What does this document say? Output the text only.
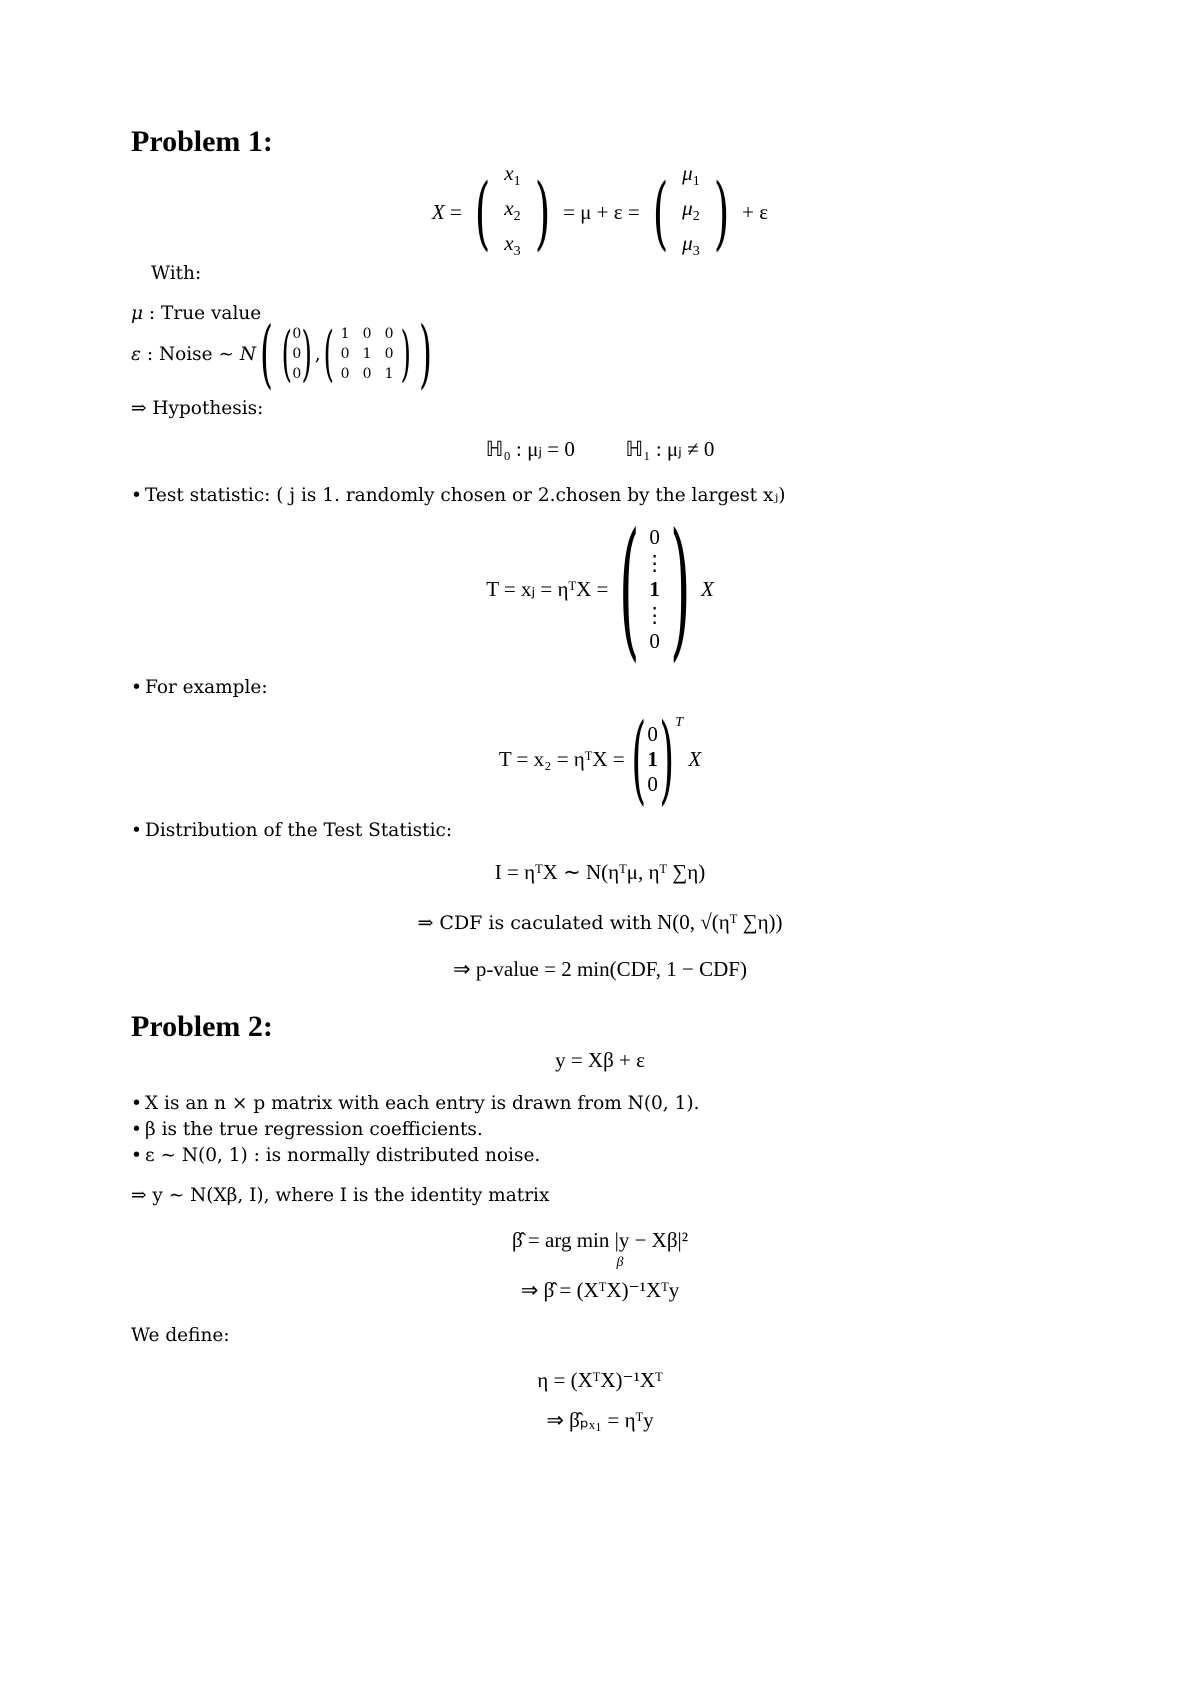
Problem 1:
X = ( $x_1$
$x_2$
$x_3$ )
= μ + ε =
( $\mu_1$
$\mu_2$
$\mu_3$ )
+ ε
With:
μ : True value
ε : Noise ∼ N ( ( 0
0
0 ) , ( 1 0 0
0 1 0
0 0 1 ) )
⇒ Hypothesis:
ℍ₀ : μⱼ = 0 ℍ₁ : μⱼ ≠ 0
• Test statistic: ( j is 1. randomly chosen or 2.chosen by the largest xⱼ)
T = xⱼ = ηᵀX =
( 0
⋮
1
⋮
0 )
X
• For example:
T = x₂ = ηᵀX =
( 0
1
0 ) T

X
• Distribution of the Test Statistic:
I = ηᵀX ∼ N(ηᵀμ, ηᵀ ∑η)
⇒ CDF is caculated with N(0, √(ηᵀ ∑η))
⇒ p-value = 2 min(CDF, 1 − CDF)
Problem 2:
y = Xβ + ε
• X is an n × p matrix with each entry is drawn from N(0, 1).
• β is the true regression coefficients.
• ε ∼ N(0, 1) : is normally distributed noise.
⇒ y ∼ N(Xβ, I), where I is the identity matrix
β̂ = arg min |y − Xβ|²
β
⇒ β̂ = (XᵀX)⁻¹Xᵀy
We define:
η = (XᵀX)⁻¹Xᵀ
⇒ β̂ₚₓ₁ = ηᵀy
